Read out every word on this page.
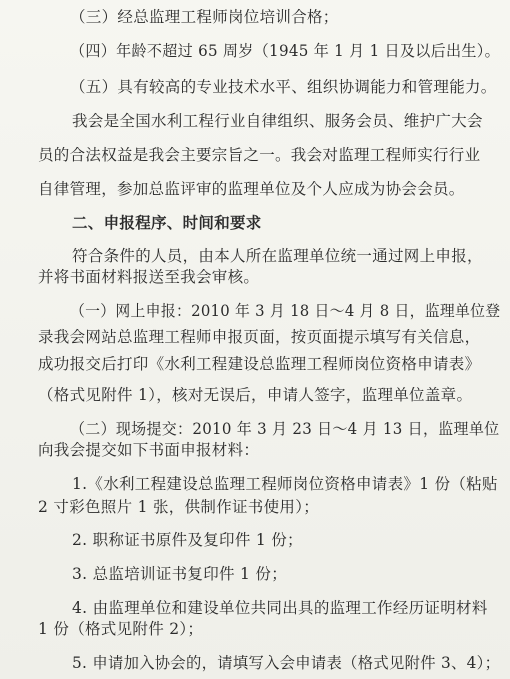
（三）经总监理工程师岗位培训合格；
（四）年龄不超过 65 周岁（1945 年 1 月 1 日及以后出生）。
（五）具有较高的专业技术水平、组织协调能力和管理能力。
我会是全国水利工程行业自律组织、服务会员、维护广大会
员的合法权益是我会主要宗旨之一。我会对监理工程师实行行业
自律管理，参加总监评审的监理单位及个人应成为协会会员。
二、申报程序、时间和要求
符合条件的人员，由本人所在监理单位统一通过网上申报，
并将书面材料报送至我会审核。
（一）网上申报：2010 年 3 月 18 日～4 月 8 日，监理单位登
录我会网站总监理工程师申报页面，按页面提示填写有关信息，
成功报交后打印《水利工程建设总监理工程师岗位资格申请表》
（格式见附件 1），核对无误后，申请人签字，监理单位盖章。
（二）现场提交：2010 年 3 月 23 日～4 月 13 日，监理单位
向我会提交如下书面申报材料：
1.《水利工程建设总监理工程师岗位资格申请表》1 份（粘贴
2 寸彩色照片 1 张，供制作证书使用）；
2. 职称证书原件及复印件 1 份；
3. 总监培训证书复印件 1 份；
4. 由监理单位和建设单位共同出具的监理工作经历证明材料
1 份（格式见附件 2）；
5. 申请加入协会的，请填写入会申请表（格式见附件 3、4）；
